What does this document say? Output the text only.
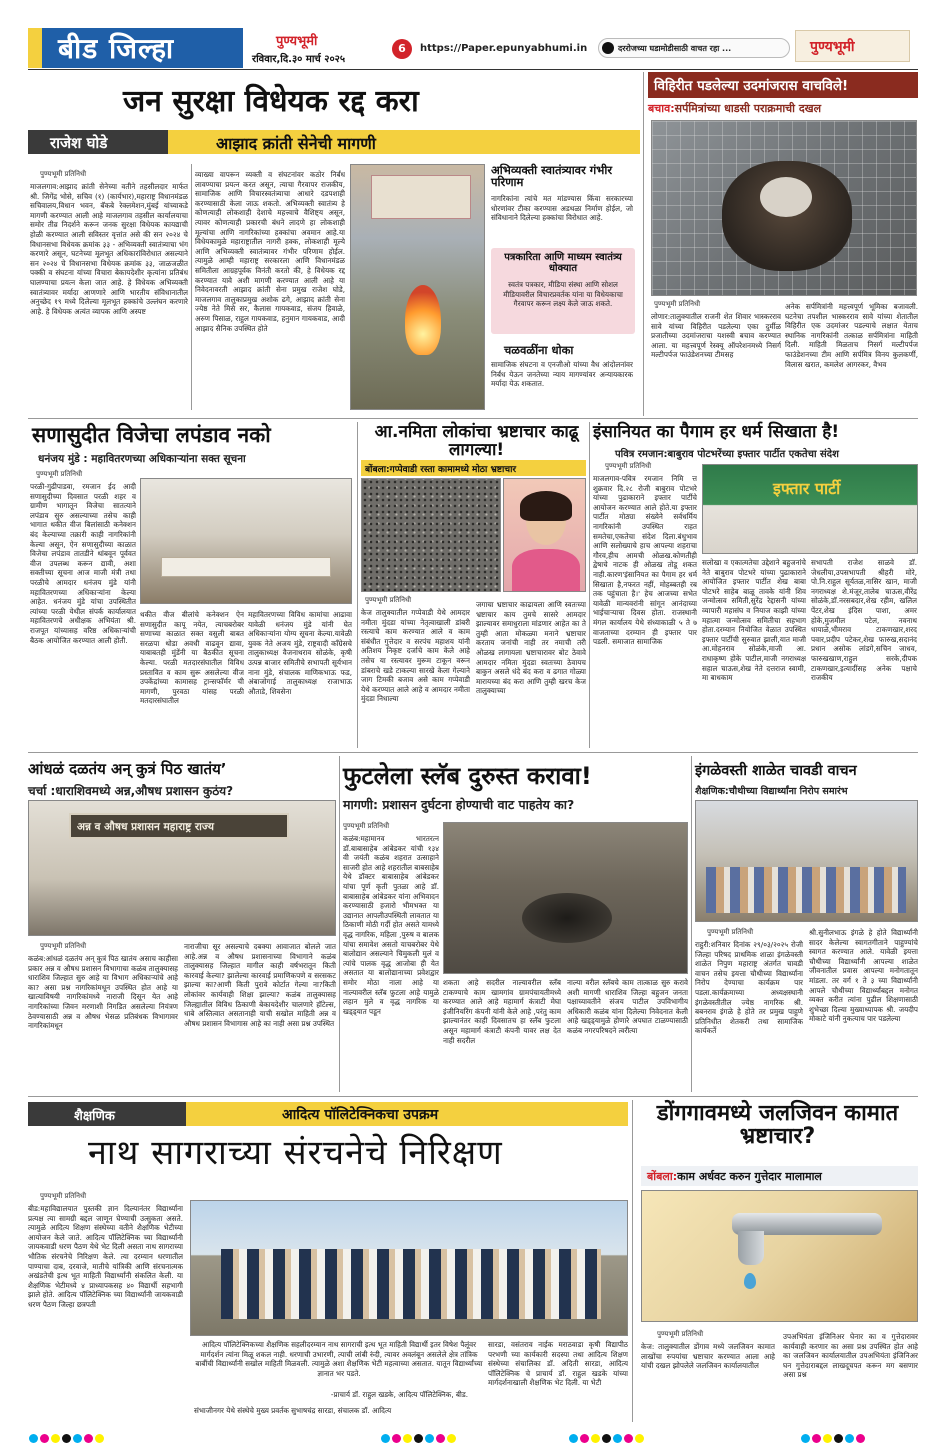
बीड जिल्हा	पुण्यभूमी
रविवार,दि.३० मार्च २०२५
6	https://Paper.epunyabhumi.in	दररोजच्या घडामोडीसाठी वाचत रहा ...	पुण्यभूमी
जन सुरक्षा विधेयक रद्द करा
राजेश घोडे	आझाद क्रांती सेनेची मागणी
पुण्यभूमी प्रतिनिधी
माजलगाव:आझाद क्रांती सेनेच्या वतीने तहसीलदार मार्फत श्री. जिगेंद्र भोसे, सचिव (१) (कार्यभार),महाराष्ट्र विधानमंडळ सचिवालय,विधान भवन, बॅकबे रेक्लमेशन,मुंबई यांच्याकडे मागणी करण्यात आली आहे माजलगाव तहसील कार्यालयाचा समोर तीव्र निदर्शने करून जनक सुरक्षा विधेयक कायद्याची होळी करण्यात आली सविस्तर वृत्तांत असे की सन २०२४ चे विधानसभा विधेयक क्रमांक ३३ - अभिव्यक्ती स्वातंत्र्याचा भंग करणारे असून, घटनेच्या मूलभूत अधिकारांविरोधात असल्याने सन २०२४ चे विधानसभा विधेयक क्रमांक ३३, जाळजळीत पक्की व संघटना यांच्या विचारा बेकायदेशीर कृत्यांना प्रतिबंध घालण्याचा प्रयत्न केला जात आहे. हे विधेयक अभिव्यक्ती स्वातंत्र्यावर मर्यादा आणणारे आणि भारतीय संविधानातील अनुच्छेद १९ मध्ये दिलेल्या मूलभूत हक्कांचे उल्लंघन करणारे आहे. हे विधेयक अत्यंत व्यापक आणि अस्पष्ट
व्याख्या वापरून व्यक्ती व संघटनांवर कठोर निर्बंध लावण्याचा प्रयत्न करत असून, त्याचा गैरवापर राजकीय, सामाजिक आणि विचारस्वतंत्र्याचा आधारे दडपशाही करण्यासाठी केला जाऊ शकतो. अभिव्यक्ती स्वातंत्र्य हे कोणत्याही लोकशाही देशाचे महत्त्वाचे वैशिष्ट्य असून, त्यावर कोणत्याही प्रकारची बंधने लादणे हा लोकशाही मूल्यांचा आणि नागरिकांच्या हक्कांचा अवमान आहे.या विधेयकामुळे महाराष्ट्रातील नागरी हक्क, लोकशाही मूल्ये आणि अभिव्यक्ती स्वातंत्र्यावर गंभीर परिणाम होईल. त्यामुळे आम्ही महाराष्ट्र सरकारला आणि विधानमंडळ समितीला आग्रहपूर्वक विनंती करतो की, हे विधेयक रद्द करण्यात यावे अशी मागणी करण्यात आली आहे या निवेदनावरती आझाद क्रांती सेना प्रमुख राजेश घोडे, माजलगाव तालुकाप्रमुख अशोक ढगे, आझाद क्रांती सेना ज्येष्ठ नेते मिसे सर, कैलास गायकवाड, संजय हिवाळे, अरुण पिसाळ, राहुल गायकवाड, हनुमान गायकवाड, आदी आझाद सैनिक उपस्थित होते
अभिव्यक्ती स्वातंत्र्यावर गंभीर परिणाम
नागरिकांना त्यांचे मत मांडण्यास किंवा सरकारच्या धोरणांवर टीका करण्यास अडथळा निर्माण होईल, जो संविधानाने दिलेल्या हक्कांचा विरोधात आहे.
पत्रकारिता आणि माध्यम स्वातंत्र्य धोक्यात
स्वतंत्र पत्रकार, मीडिया संस्था आणि सोशल मीडियावरील विचारप्रवर्तक यांना या विधेयकाचा गैरवापर करून लक्ष्य केले जाऊ शकते.
चळवळींना धोका
सामाजिक संघटना व एनजीओ यांच्या वैध आंदोलनांवर निर्बंध येऊन जनतेच्या न्याय मागण्यांवर अन्यायकारक मर्यादा येऊ शकतात.
विहिरीत पडलेल्या उदमांजरास वाचविले!
बचाव:सर्पमित्रांच्या धाडसी पराक्रमाची दखल
पुण्यभूमी प्रतिनिधी
लोणार:तालुक्यातील राजनी शेत शिवार भास्करराव सावे यांच्या विहिरीत पडलेल्या एका दुर्मीळ प्रजातीच्या उदमांजराचा यशस्वी बचाव करण्यात आला. या महत्त्वपूर्ण रेस्क्यू ऑपरेशनमध्ये निसर्ग मल्टीपर्पज फाउंडेशनच्या टीमसह
अनेक सर्पमित्रांनी महत्त्वपूर्ण भूमिका बजावली. घटनेचा तपशील भास्करराव सावे यांच्या शेतातील विहिरीत एक उदमांजर पडल्याचे लक्षात येताच स्थानिक नागरिकांनी तत्काळ सर्पमित्रांना माहिती दिली. माहिती मिळताच निसर्ग मल्टीपर्पज फाउंडेशनच्या टीम आणि सर्पमित्र विनय कुलकर्णी, विलास खरात, कमलेश आगरकर, वैभव
सणासुदीत विजेचा लपंडाव नको
धनंजय मुंडे : महावितरणच्या अधिकाऱ्यांना सक्त सूचना
पुण्यभूमी प्रतिनिधी
परळी-गुढीपाडवा, रमजान ईद आदी सणासुदीच्या दिवसात परळी शहर व ग्रामीण भागातून विजेचा सातत्याने लपंडाव सुरु असल्याच्या तसेच काही भागात थकीत वीज बिलांसाठी कनेक्शन बंद केल्याच्या तक्रारी काही नागरिकांनी केल्या असून, ऐन सणासुदीच्या काळात विजेचा लपंडाव तातडीने थांबवून पूर्ववत वीज उपलब्ध करून द्यावी, अशा सक्तीच्या सूचना आज माजी मंत्री तथा परळीचे आमदार धनंजय मुंडे यांनी महावितरणच्या अधिकाऱ्यांना केल्या आहेत. धनंजय मुंडे यांचा उपस्थितीत त्यांच्या परळी येथील संपर्क कार्यालयात महावितरणचे अधीक्षक अभियंता श्री. राजपूत यांच्यासह वरिष्ठ अधिकाऱ्यांची बैठक आयोजित करण्यात आली होती.
थकीत वीज बीलांचे कनेक्शन ऐन सणासुदीत कापू नयेत, त्याचबरोबर सणाच्या काळात सक्त वसुली बाबत सरळपा थोडा अवधी वाढवून द्यावा, याबाबतही मुंडेंनी या बैठकीत सूचना केल्या. परळी मतदारसंघातील विविध प्रस्तावित व काम सुरू असलेल्या वीज उपकेंद्रांच्या कामासह ट्रान्सफॉर्मर ची मागणी, पुरवठा यांसह परळी मतदारसंघातील
महावितरणच्या विविध कामांचा आढावा यावेळी धनंजय मुंडे यांनी घेत अधिकाऱ्यांना योग्य सूचना केल्या.यावेळी युवक नेते अजय मुंडे, राष्ट्रवादी काँग्रेसचे तालुकाध्यक्ष वैजनाथराव सोळंके, कृषी उत्पन्न बाजार समितीचे सभापती सूर्यभान नाना मुंडे, संचालक माणिकभाऊ फड, अंबाजोगाई तालुकाध्यक्ष राजाभाऊ औताडे, शिवसेना
आ.नमिता लोकांचा भ्रष्टाचार काढू लागल्या!
बोंबला:गप्पेवाडी रस्ता कामामध्ये मोठा भ्रष्टाचार
पुण्यभूमी प्रतिनिधी
केज तालुक्यातील गप्पेवाडी येथे आमदार नमीता मुंदडा यांच्या नेतृत्वाखाली डांबरी रस्त्याचे काम करण्यात आले व काम संबंधीत गुत्तेदार व सरपंच महाशय यांनी अतिशय निकृष्ट दर्जाचे काम केले आहे तसेच या रस्त्यावर मुरूम टाकून वरून डांबराचे खडे टाकल्या सारखे केला गेल्याने जाग टिमकी बजाव असे काम गप्पेवाडी येथे करण्यात आले आहे व आमदार नमीता मुंदडा निधाल्या
जगाचा भ्रष्टाचार काढायला आणि स्वतःच्या भ्रष्टाचार काय तुमचे सासरे आमदार झाल्यावर समाधुराला मांडणार आहेत का ते तुम्ही आता मोकळ्या मनाने भ्रष्टाचार करताय जनांची नाही तर नमाची तरी ओळख लागायला भ्रष्टाचारावर बोट ठेवावे आमदार नमिता मुंदडा स्वतःच्या ठेवायच बाकुन असले धंदे बंद करा व ढगात गोळ्या मारायच्या बंद करा आणि तुम्ही खरच केज तालुक्याच्या
इंसानियत का पैगाम हर धर्म सिखाता है!
पवित्र रमजान:बाबुराव पोटभरेंच्या इफ्तार पार्टीत एकतेचा संदेश
पुण्यभूमी प्रतिनिधी
माजलगाव-पवित्र रमजान निमि त्त शुक्रवार दि.२८ रोजी बाबुराव पोटभरे यांच्या पुढाकाराने इफ्तार पार्टीचे आयोजन करण्यात आले होते.या इफ्तार पार्टीत मोठ्या संख्येने सर्वधर्मिय नागरिकांनी उपस्थित राहत समतेचा,एकतेचा संदेश दिला.बंधुभाव आणि सलोख्याचे हाच आपल्या शहराचा गौरव,हीच आमची ओळख.कोणतीही द्वेषाचे नाटक ही ओळख तोडू शकत नाही.कारण'इंसानियत का पैगाम हर धर्म सिखाता है,नफरत नहीं, मोहब्बतही रब तक पहुंचाता है।' हेच आजच्या सभेत यावेळी मान्यवरांनी सांगून आनंदाच्या भाईचाऱ्याचा दिवस होता. राजस्थानी मंगल कार्यालय येथे संध्याकाळी ५ ते ७ वाजताच्या दरम्यान ही इफ्तार पार पडली. समाजात सामाजिक
इफ्तार पार्टी
सलोखा व एकात्मतेचा उद्देशाने बहुजनांचे नेते बाबुराव पोटभरे यांच्या पुढाकाराने आयोजित इफ्तार पार्टीत शेख बाबा पोटभरे साहेब बाळू तावके यांनी शिव जन्मोत्सव समिती,सुरेंद्र रेद्दासनी यांच्या व्यापारी महासंघ व नियाज काझी यांच्या महात्मा जन्मोत्सव समितीचा सहभाग होता.दरम्यान नियोजित वेळात उपस्थित इफ्तार पार्टीची सुरुवात झाली,यात माजी आ.मोहनराव सोळंके,माजी आ. राधाकृष्ण होके पाटील,माजी नगराध्यक्ष सहाल चाऊस,शेख नेते दत्तराज स्वामी, मा बाधकाम
सभापती राजेश साळवे डॉ. जेधलीया,उपसभापती श्रीहरी मोरे, पो.नि.राहुल सूर्यतळ,नासिर खान, माजी नगराध्यक्ष शे.मंजूर,तालेब चाऊस,वीरेंद्र सोळंके,डॉ.नरसबदार,शेख रहीम, खलिल पेंटर,शेख इंदिस पाशा, अमर होके,मुजमील पटेल, नवनाथ धायाळे,भीमराव टाकणखार,शरद पवार,प्रदीप पटेकर,शेख फारुख,सदानंद प्रधान असोक लांडगे,सचिन जाधव, फारुखखाण,राहुल सरके,दीपक टाकणखार,इत्यादींसह अनेक पक्षाचे राजकीय
आंधळं दळतंय अन् कुत्रं पिठ खातंय’
चर्चा :धाराशिवमध्ये अन्न,औषध प्रशासन कुठंय?
अन्न व औषध प्रशासन महाराष्ट्र राज्य
पुण्यभूमी प्रतिनिधी
कळंब:आंधळं दळतंय अन् कुत्रं पिठ खातंय असाच काहीसा प्रकार अन्न व औषध प्रशासन विभागाचा कळंब तालुक्यासह धाराशिव जिल्हात सुरु आहे या विभाग अधिकाऱ्यांचे आहे का? असा प्रश्न नागरिकांमधून उपस्थित होत आहे या खात्याविषयी नागरिकांमध्ये नाराजी दिसून येत आहे नागरिकांच्या जिवन मरणाशी निगडित असलेल्या नियंत्रण ठेवण्यासाठी अन्न व औषध भेसळ प्रतिबंधक विभागावर नागरिकांमधून
नाराजीचा सूर असल्याचे दबक्या आवाजात बोलले जात आहे.अन्न व औषध प्रशासनाच्या विभागाने कळंब तालुक्यासह जिल्हात मागील काही वर्षभरातून किती कारवाई केल्या? झालेल्या कारवाई प्रमाणिकपणे व सरसकट झाल्या का?आणी किती पुरावे कोर्टात गेल्या ना?किती लोकांवर कार्यवाही शिक्षा झाल्या? कळंब तालुक्यासह जिल्ह्यातील विविध ठिकाणी बेकायदेशीर चालणारे हॉटेल्स, धाबे अस्तित्वात असतानाही याची सखोल माहिती अन्न व औषध प्रशासन विभागास आहे का नाही असा प्रश्न उपस्थित
फुटलेला स्लॅब दुरुस्त करावा!
मागणी: प्रशासन दुर्घटना होण्याची वाट पाहतेय का?
पुण्यभूमी प्रतिनिधी
कळंब:महामानव भारतरत्न डॉ.बाबासाहेब आंबेडकर यांची १३४ वी जयंती कळंब शहरात उत्साहाने साजरी होत आहे शहरातील बाबसाहेब येथे डॉक्टर बाबासाहेब आंबेडकर यांचा पूर्ण कृती पुतळा आहे डॉ. बाबासाहेब आंबेडकर यांना अभिवादन करण्यासाठी हजारो भीमभक्त या उद्यानात आपलीउपस्थिती लावतात या ठिकाणी मोठी गर्दी होत असते यामध्ये वृद्ध नागरिक, महिला ,पुरुष व बालक यांचा समावेश असतो याचबरोबर येथे बालोद्यान असल्याने चिमुकली मुलं व त्यांचे पालक वृद्ध आजोबा ही येत असतात या बालोद्यानाच्या प्रवेशद्वार समोर मोठा नाला आहे या नाल्यावरील स्लॅब फ़ुटला आहे यामुळे लहान मुले व वृद्ध नागरिक या खड्ड्यात पडून
शकता आहे सदरील नाल्यावरील स्लॅब टाकण्याचे काम खामगांव ग्रामपंचायतीमध्ये करण्यात आले आहे महामार्ग कंत्राटी मेघा इंजीनियरिंग कंपनी यांनी केले आहे ,परंतु काम झाल्यानंतर काही दिवसातच हा स्लॅब फुटला असून महामार्ग कंत्राटी कंपनी यावर लक्ष देत नाही सदरील
नाल्या वरील स्लॅबचे काम तात्काळ सुरु करावे अशी मागणी धाराशिव जिल्हा बहुजन जनता पक्षाच्यावतीने संजय पाटील उपविभागीय अधिकारी कळंब यांना दिलेल्या निवेदनात केली आहे खड्ड्यामुळे होणारे अपघात टाळण्यासाठी कळंब नगरपरिषदने त्वरीत्या
इंगळेवस्ती शाळेत चावडी वाचन
शैक्षणिक:चौथीच्या विद्यार्थ्यांना निरोप समारंभ
पुण्यभूमी प्रतिनिधी
राहुरी:शनिवार दिनांक २९/०३/२०२५ रोजी जिल्हा परिषद प्राथमिक शाळा इंगळेवस्ती शाळेत निपुण महाराष्ट्र अंतर्गत चावडी वाचन तसेच इयत्ता चौथीच्या विद्यार्थ्यांना निरोप देण्याचा कार्यक्रम पार पडला.कार्यक्रमाच्या अध्यक्षस्थानी इंगळेवस्तीतील ज्येष्ठ नागरिक श्री. बबनराव इंगळे हे होते तर प्रमुख पाहुणे प्रतिनिधीत शेतकरी तथा सामाजिक कार्यकर्ते
श्री.सुनीलभाऊ इंगळे हे होते विद्यार्थ्यांनी सादर केलेल्या स्वागतगीताने पाहुण्यांचे स्वागत करण्यात आले. यावेळी इयत्ता चौथीच्या विद्यार्थ्यांनी आपल्या शाळेत जीवनातील प्रवास आपल्या मनोगतातून मांडला. तर वर्ग १ ते ३ च्या विद्यार्थ्यांनी आपले चौथीच्या विद्यार्थ्यांबद्दल मनोगत व्यक्त करीत त्यांना पुढील शिक्षणासाठी शुभेच्छा दिल्या मुख्याध्यापक श्री. जयदीप मोकाटे यांनी नुकत्याच पार पडलेल्या
शैक्षणिक	आदित्य पॉलिटेक्निकचा उपक्रम
नाथ सागराच्या संरचनेचे निरिक्षण
पुण्यभूमी प्रतिनिधी
बीड:महाविद्यालयात पुस्तकी ज्ञान दिल्यानंतर विद्यार्थ्यांना प्रत्यक्ष त्या सामग्री बद्दल जाणून घेण्याची उत्सुकता असते. त्यामुळे आदित्य शिक्षण संस्थेच्या वतीने शैक्षणिक भेटीच्या आयोजन केले जाते. आदित्य पॉलिटेक्निक च्या विद्यार्थ्यांनी जायकवाडी धरण पैठण येथे भेट दिली असता नाथ सागराच्या भौतिक संरचनेचे निरिक्षण केले. त्या दरम्यान धरणातील पाण्याचा दाब, दरवाजे, मातीचे यांत्रिकी आणि संरचनात्मक अखंडतेची इत्थ भूत माहिती विद्यार्थ्यांनी संकलित केली. या शैक्षणिक भेटीमध्ये ४ प्राध्यापकसह ४० विद्यार्थी सहभागी झाले होते. आदित्य पॉलिटेक्निक च्या विद्यार्थ्यांनी जायकवाडी धरण पैठण जिल्हा छत्रपती
आदित्य पॉलिटेक्निकच्या शैक्षणिक सहलीदरम्यान नाथ सागराची इत्थ भूत माहिती विद्यार्थी इतर विषेश पैलूंवर मार्गदर्शन त्यांना मिळू शकल नाही. धरणाची उभारणी, त्याची लांबी रुंदी, त्यावर अवलंबून असलेले क्षेत्र तांत्रिक बाबींची विद्यार्थ्यांनी सखोल माहिती मिळवली. त्यामुळे अशा शैक्षणिक भेटी महत्वाच्या असतात. यातून विद्यार्थ्यांच्या ज्ञानात भर पडते.
-प्राचार्य डॉ. राहुल खडके, आदित्य पॉलिटेक्निक, बीड.
संभाजीनगर येथे संस्थेचे मुख्य प्रवर्तक सुभाषचंद्र सारडा, संचालक डॉ. आदित्य
सारडा, वसंतराव नाईक मराठवाडा कृषी विद्यापीठ परभणी च्या कार्यकारी सदस्या तथा आदित्य शिक्षण संस्थेच्या संचालिका डॉ. अदिती सारडा, आदित्य पॉलिटेक्निक चे प्राचार्य डॉ. राहुल खडके यांच्या मार्गदर्शनाखाली शैक्षणिक भेट दिली. या भेटी
डोंगगावमध्ये जलजिवन कामात भ्रष्टाचार?
बोंबला:काम अर्धवट करुन गुत्तेदार मालामाल
पुण्यभूमी प्रतिनिधी
केज: तालुक्यातील डोंगाव मध्ये जलजिवन कामात लाखोंचा रुपयांचा भ्रष्टाचार करण्यात आला आहे यांची दखल झोपलेले जलजिवन कार्यालयातील
उपअभियंता इंजिनिअर घेनार का व गुत्तेदारावर कार्यवाही करणार का असा प्रश्न उपस्थित होत आहे का जलजिवन कार्यालयातील उपअभियंता इंजिनिअर घन गुत्तेदाराबद्दल लाखदूचपत करून मग बसणार असा प्रश्न
